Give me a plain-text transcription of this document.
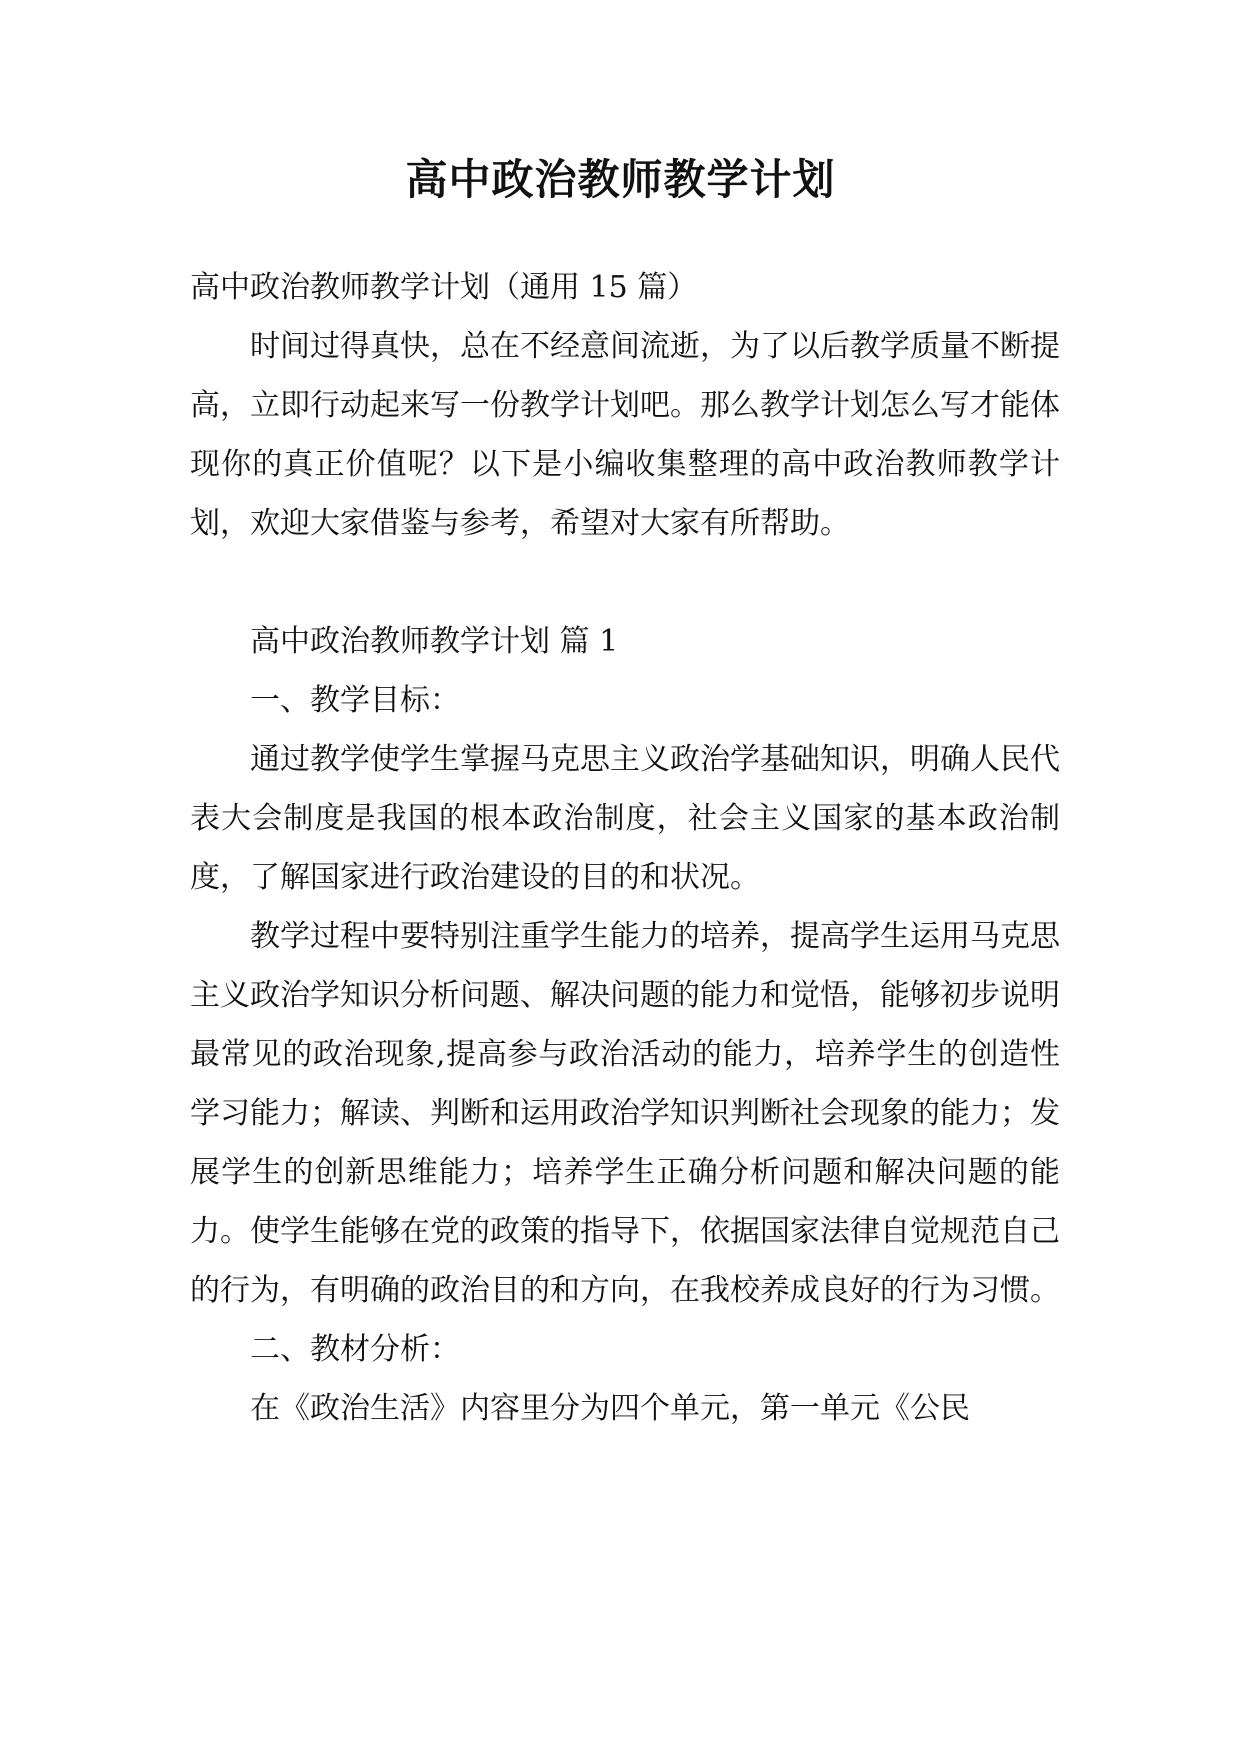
高中政治教师教学计划

高中政治教师教学计划（通用 15 篇）

时间过得真快，总在不经意间流逝，为了以后教学质量不断提高，立即行动起来写一份教学计划吧。那么教学计划怎么写才能体现你的真正价值呢？以下是小编收集整理的高中政治教师教学计划，欢迎大家借鉴与参考，希望对大家有所帮助。

高中政治教师教学计划 篇 1

一、教学目标：

通过教学使学生掌握马克思主义政治学基础知识，明确人民代表大会制度是我国的根本政治制度，社会主义国家的基本政治制度，了解国家进行政治建设的目的和状况。

教学过程中要特别注重学生能力的培养，提高学生运用马克思主义政治学知识分析问题、解决问题的能力和觉悟，能够初步说明最常见的政治现象,提高参与政治活动的能力，培养学生的创造性学习能力；解读、判断和运用政治学知识判断社会现象的能力；发展学生的创新思维能力；培养学生正确分析问题和解决问题的能力。使学生能够在党的政策的指导下，依据国家法律自觉规范自己的行为，有明确的政治目的和方向，在我校养成良好的行为习惯。

二、教材分析：

在《政治生活》内容里分为四个单元，第一单元《公民
